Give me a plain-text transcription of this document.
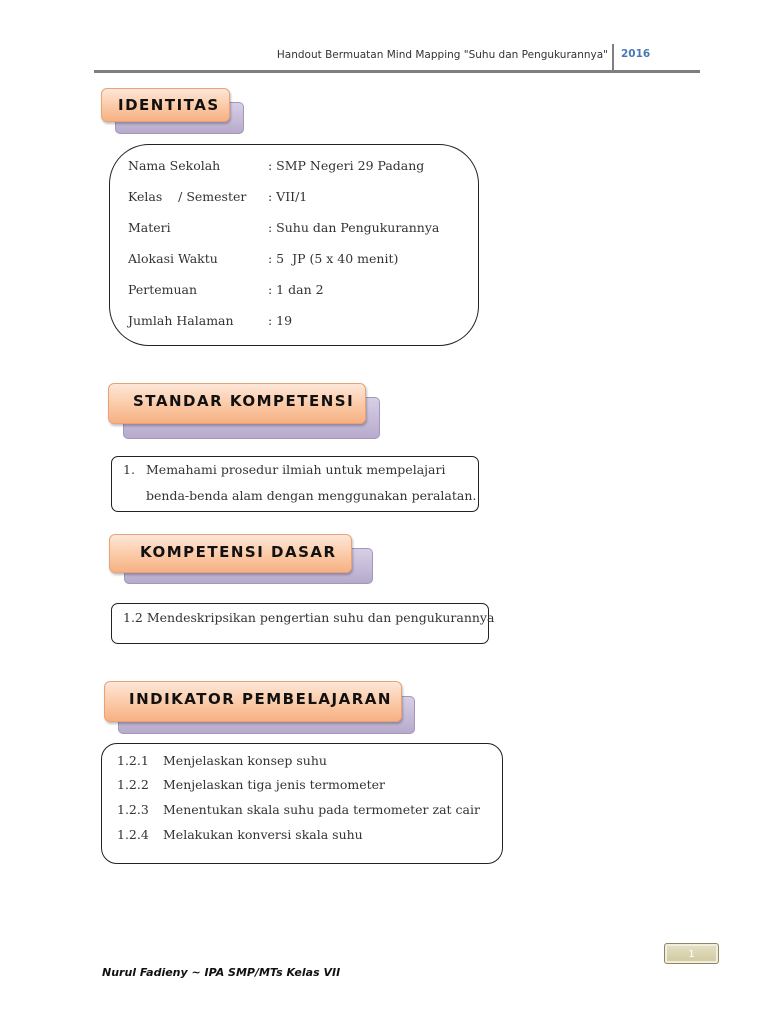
Handout Bermuatan Mind Mapping "Suhu dan Pengukurannya" 2016
IDENTITAS
Nama Sekolah	: SMP Negeri 29 Padang
Kelas    / Semester : VII/1
Materi	: Suhu dan Pengukurannya
Alokasi Waktu	: 5  JP (5 x 40 menit)
Pertemuan	: 1 dan 2
Jumlah Halaman	: 19
STANDAR KOMPETENSI
1. Memahami prosedur ilmiah untuk mempelajari
benda-benda alam dengan menggunakan peralatan.
KOMPETENSI DASAR
1.2 Mendeskripsikan pengertian suhu dan pengukurannya
INDIKATOR PEMBELAJARAN
1.2.1 Menjelaskan konsep suhu
1.2.2 Menjelaskan tiga jenis termometer
1.2.3 Menentukan skala suhu pada termometer zat cair
1.2.4 Melakukan konversi skala suhu
1
Nurul Fadieny ~ IPA SMP/MTs Kelas VII
